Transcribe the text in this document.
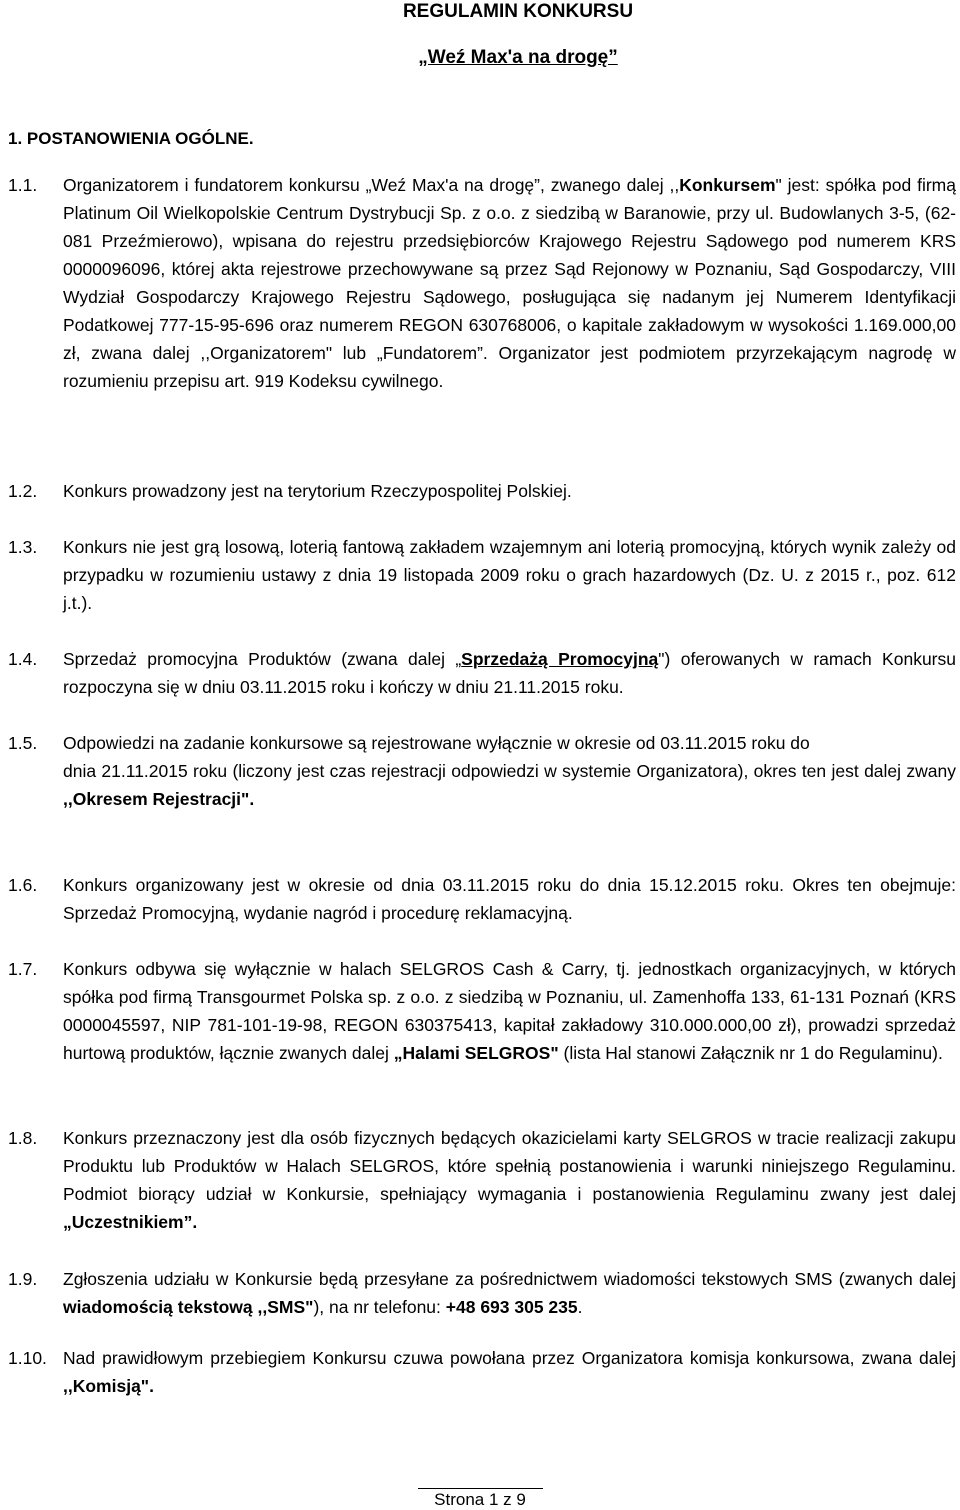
REGULAMIN KONKURSU
„Weź Max'a na drogę”
1. POSTANOWIENIA OGÓLNE.
1.1. Organizatorem i fundatorem konkursu „Weź Max'a na drogę”, zwanego dalej ,,Konkursem" jest: spółka pod firmą Platinum Oil Wielkopolskie Centrum Dystrybucji Sp. z o.o. z siedzibą w Baranowie, przy ul. Budowlanych 3-5, (62-081 Przeźmierowo), wpisana do rejestru przedsiębiorców Krajowego Rejestru Sądowego pod numerem KRS 0000096096, której akta rejestrowe przechowywane są przez Sąd Rejonowy w Poznaniu, Sąd Gospodarczy, VIII Wydział Gospodarczy Krajowego Rejestru Sądowego, posługująca się nadanym jej Numerem Identyfikacji Podatkowej 777-15-95-696 oraz numerem REGON 630768006, o kapitale zakładowym w wysokości 1.169.000,00 zł, zwana dalej ,,Organizatorem" lub „Fundatorem”. Organizator jest podmiotem przyrzekającym nagrodę w rozumieniu przepisu art. 919 Kodeksu cywilnego.
1.2. Konkurs prowadzony jest na terytorium Rzeczypospolitej Polskiej.
1.3. Konkurs nie jest grą losową, loterią fantową zakładem wzajemnym ani loterią promocyjną, których wynik zależy od przypadku w rozumieniu ustawy z dnia 19 listopada 2009 roku o grach hazardowych (Dz. U. z 2015 r., poz. 612 j.t.).
1.4. Sprzedaż promocyjna Produktów (zwana dalej „Sprzedażą Promocyjną") oferowanych w ramach Konkursu rozpoczyna się w dniu 03.11.2015 roku i kończy w dniu 21.11.2015 roku.
1.5. Odpowiedzi na zadanie konkursowe są rejestrowane wyłącznie w okresie od 03.11.2015 roku do
dnia 21.11.2015 roku (liczony jest czas rejestracji odpowiedzi w systemie Organizatora), okres ten jest dalej zwany ,,Okresem Rejestracji".
1.6. Konkurs organizowany jest w okresie od dnia 03.11.2015 roku do dnia 15.12.2015 roku. Okres ten obejmuje: Sprzedaż Promocyjną, wydanie nagród i procedurę reklamacyjną.
1.7. Konkurs odbywa się wyłącznie w halach SELGROS Cash & Carry, tj. jednostkach organizacyjnych, w których spółka pod firmą Transgourmet Polska sp. z o.o. z siedzibą w Poznaniu, ul. Zamenhoffa 133, 61-131 Poznań (KRS 0000045597, NIP 781-101-19-98, REGON 630375413, kapitał zakładowy 310.000.000,00 zł), prowadzi sprzedaż hurtową produktów, łącznie zwanych dalej „Halami SELGROS" (lista Hal stanowi Załącznik nr 1 do Regulaminu).
1.8. Konkurs przeznaczony jest dla osób fizycznych będących okazicielami karty SELGROS w tracie realizacji zakupu Produktu lub Produktów w Halach SELGROS, które spełnią postanowienia i warunki niniejszego Regulaminu. Podmiot biorący udział w Konkursie, spełniający wymagania i postanowienia Regulaminu zwany jest dalej „Uczestnikiem”.
1.9. Zgłoszenia udziału w Konkursie będą przesyłane za pośrednictwem wiadomości tekstowych SMS (zwanych dalej wiadomością tekstową ,,SMS"), na nr telefonu: +48 693 305 235.
1.10. Nad prawidłowym przebiegiem Konkursu czuwa powołana przez Organizatora komisja konkursowa, zwana dalej ,,Komisją".
Strona 1 z 9
